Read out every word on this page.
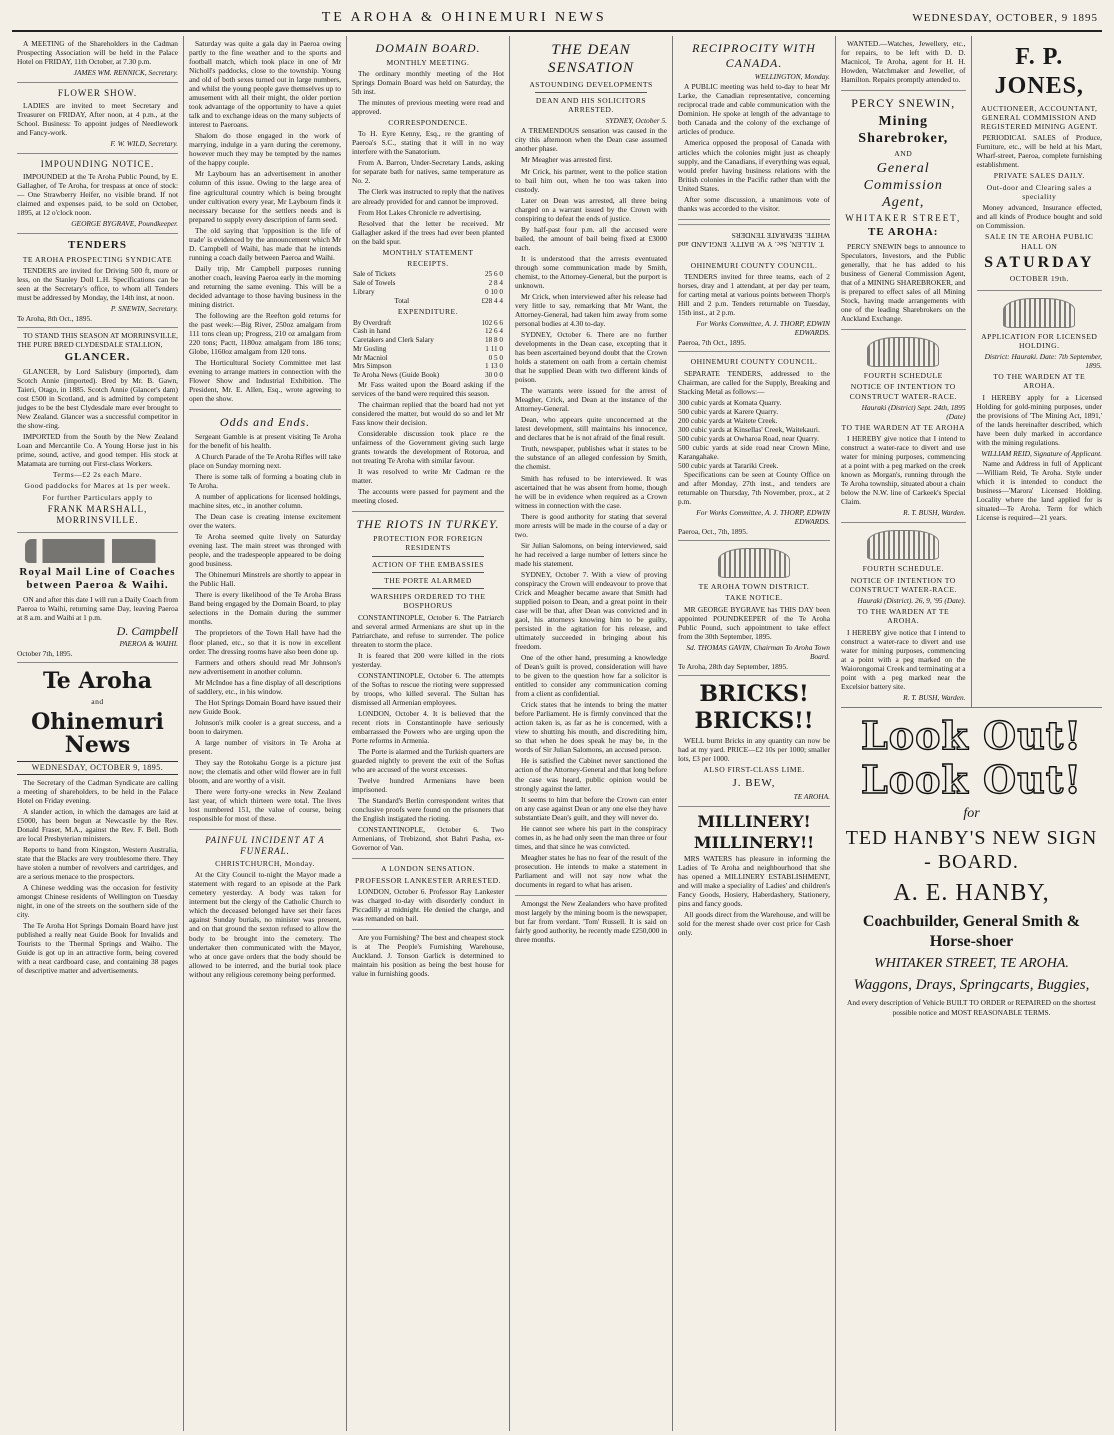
TE AROHA & OHINEMURI NEWS	WEDNESDAY, OCTOBER, 9 1895

A MEETING of the Shareholders in the Cadman Prospecting Association will be held in the Palace Hotel on FRIDAY, 11th October, at 7.30 p.m.

JAMES WM. RENNICK, Secretary.
FLOWER SHOW.

LADIES are invited to meet Secretary and Treasurer on FRIDAY, After noon, at 4 p.m., at the School. Business: To appoint judges of Needlework and Fancy-work.

F. W. WILD, Secretary.
IMPOUNDING NOTICE.

IMPOUNDED at the Te Aroha Public Pound, by E. Gallagher, of Te Aroha, for trespass at once of stock:— One Strawberry Heifer, no visible brand. If not claimed and expenses paid, to be sold on October, 1895, at 12 o'clock noon.

GEORGE BYGRAVE, Poundkeeper.
TENDERS
TE AROHA PROSPECTING SYNDICATE

TENDERS are invited for Driving 500 ft, more or less, on the Stanley Doll L.H. Specifications can be seen at the Secretary's office, to whom all Tenders must be addressed by Monday, the 14th inst, at noon.

P. SNEWIN, Secretary.
Te Aroha, 8th Oct., 1895.

TO STAND THIS SEASON AT MORRINSVILLE, THE PURE BRED CLYDESDALE STALLION,

GLANCER.

GLANCER, by Lord Salisbury (imported), dam Scotch Annie (imported). Bred by Mr. B. Gawn, Taieri, Otago, in 1885. Scotch Annie (Glancer's dam) cost £500 in Scotland, and is admitted by competent judges to be the best Clydesdale mare ever brought to New Zealand. Glancer was a successful competitor in the show-ring.

IMPORTED from the South by the New Zealand Loan and Mercantile Co. A Young Horse just in his prime, sound, active, and good temper. His stock at Matamata are turning out First-class Workers.

Terms—£2 2s each Mare.
Good paddocks for Mares at 1s per week.
For further Particulars apply to
FRANK MARSHALL, MORRINSVILLE.
Royal Mail Line of Coaches between Paeroa & Waihi.

ON and after this date I will run a Daily Coach from Paeroa to Waihi, returning same Day, leaving Paeroa at 8 a.m. and Waihi at 1 p.m.

D. Campbell
PAEROA & WAIHI.
October 7th, 1895.
Te Aroha
and
Ohinemuri News
WEDNESDAY, OCTOBER 9, 1895.

The Secretary of the Cadman Syndicate are calling a meeting of shareholders, to be held in the Palace Hotel on Friday evening.

A slander action, in which the damages are laid at £5000, has been begun at Newcastle by the Rev. Donald Fraser, M.A., against the Rev. F. Bell. Both are local Presbyterian ministers.

Reports to hand from Kingston, Western Australia, state that the Blacks are very troublesome there. They have stolen a number of revolvers and cartridges, and are a serious menace to the prospectors.

A Chinese wedding was the occasion for festivity amongst Chinese residents of Wellington on Tuesday night, in one of the streets on the southern side of the city.

The Te Aroha Hot Springs Domain Board have just published a really neat Guide Book for Invalids and Tourists to the Thermal Springs and Waiho. The Guide is got up in an attractive form, being covered with a neat cardboard case, and containing 38 pages of descriptive matter and advertisements.

Saturday was quite a gala day in Paeroa owing partly to the fine weather and to the sports and football match, which took place in one of Mr Nicholl's paddocks, close to the township. Young and old of both sexes turned out in large numbers, and whilst the young people gave themselves up to amusement with all their might, the older portion took advantage of the opportunity to have a quiet talk and to exchange ideas on the many subjects of interest to Paeroans.

Shalom do those engaged in the work of marrying, indulge in a yarn during the ceremony, however much they may be tempted by the names of the happy couple.

Mr Laybourn has an advertisement in another column of this issue. Owing to the large area of fine agricultural country which is being brought under cultivation every year, Mr Laybourn finds it necessary because for the settlers needs and is prepared to supply every description of farm seed.

The old saying that 'opposition is the life of trade' is evidenced by the announcement which Mr D. Campbell of Waihi, has made that he intends running a coach daily between Paeroa and Waihi.

Daily trip, Mr Campbell purposes running another coach, leaving Paeroa early in the morning and returning the same evening. This will be a decided advantage to those having business in the mining district.

The following are the Reefton gold returns for the past week:—Big River, 250oz amalgam from 111 tons clean up; Progress, 210 oz amalgam from 220 tons; Pactt, 1180oz amalgam from 186 tons; Globe, 1160oz amalgam from 120 tons.

The Horticultural Society Committee met last evening to arrange matters in connection with the Flower Show and Industrial Exhibition. The President, Mr. E. Allen, Esq., wrote agreeing to open the show.

Odds and Ends.

Sergeant Gamble is at present visiting Te Aroha for the benefit of his health.

A Church Parade of the Te Aroha Rifles will take place on Sunday morning next.

There is some talk of forming a boating club in Te Aroha.

A number of applications for licensed holdings, machine sites, etc., in another column.

The Dean case is creating intense excitement over the waters.

Te Aroha seemed quite lively on Saturday evening last. The main street was thronged with people, and the tradespeople appeared to be doing good business.

The Ohinemuri Minstrels are shortly to appear in the Public Hall.

There is every likelihood of the Te Aroha Brass Band being engaged by the Domain Board, to play selections in the Domain during the summer months.

The proprietors of the Town Hall have had the floor planed, etc., so that it is now in excellent order. The dressing rooms have also been done up.

Farmers and others should read Mr Johnson's new advertisement in another column.

Mr McIndoe has a fine display of all descriptions of saddlery, etc., in his window.

The Hot Springs Domain Board have issued their new Guide Book.

Johnson's milk cooler is a great success, and a boon to dairymen.

A large number of visitors in Te Aroha at present.

They say the Rotokahu Gorge is a picture just now; the clematis and other wild flower are in full bloom, and are worthy of a visit.

There were forty-one wrecks in New Zealand last year, of which thirteen were total. The lives lost numbered 151, the value of course, being responsible for most of these.

PAINFUL INCIDENT AT A FUNERAL.
CHRISTCHURCH, Monday.

At the City Council to-night the Mayor made a statement with regard to an episode at the Park cemetery yesterday. A body was taken for interment but the clergy of the Catholic Church to which the deceased belonged have set their faces against Sunday burials, no minister was present, and on that ground the sexton refused to allow the body to be brought into the cemetery. The undertaker then communicated with the Mayor, who at once gave orders that the body should be allowed to be interred, and the burial took place without any religious ceremony being performed.

DOMAIN BOARD.
MONTHLY MEETING.

The ordinary monthly meeting of the Hot Springs Domain Board was held on Saturday, the 5th inst.

The minutes of previous meeting were read and approved.

CORRESPONDENCE.

To H. Eyre Kenny, Esq., re the granting of Paeroa's S.C., stating that it will in no way interfere with the Sanatorium.

From A. Barron, Under-Secretary Lands, asking for separate bath for natives, same temperature as No. 2.

The Clerk was instructed to reply that the natives are already provided for and cannot be improved.

From Hot Lakes Chronicle re advertising.

Resolved that the letter be received. Mr Gallagher asked if the trees had ever been planted on the bald spur.

MONTHLY STATEMENT
RECEIPTS.
Sale of Tickets	25 6 0
Sale of Towels	2 8 4
Library	0 10 0
Total	£28 4 4
EXPENDITURE.
By Overdraft	102 6 6
Cash in hand	12 6 4
Caretakers and Clerk Salary	18 8 0
Mr Gosling	1 11 0
Mr Macniol	0 5 0
Mrs Simpson	1 13 0
Te Aroha News (Guide Book)	30 0 0

Mr Fass waited upon the Board asking if the services of the band were required this season.

The chairman replied that the board had not yet considered the matter, but would do so and let Mr Fass know their decision.

Considerable discussion took place re the unfairness of the Government giving such large grants towards the development of Rotorua, and not treating Te Aroha with similar favour.

It was resolved to write Mr Cadman re the matter.

The accounts were passed for payment and the meeting closed.

THE RIOTS IN TURKEY.
PROTECTION FOR FOREIGN RESIDENTS
ACTION OF THE EMBASSIES
THE PORTE ALARMED
WARSHIPS ORDERED TO THE BOSPHORUS

CONSTANTINOPLE, October 6. The Patriarch and several armed Armenians are shut up in the Patriarchate, and refuse to surrender. The police threaten to storm the place.

It is feared that 200 were killed in the riots yesterday.

CONSTANTINOPLE, October 6. The attempts of the Softas to rescue the rioting were suppressed by troops, who killed several. The Sultan has dismissed all Armenian employees.

LONDON, October 4. It is believed that the recent riots in Constantinople have seriously embarrassed the Powers who are urging upon the Porte reforms in Armenia.

The Porte is alarmed and the Turkish quarters are guarded nightly to prevent the exit of the Softas who are accused of the worst excesses.

Twelve hundred Armenians have been imprisoned.

The Standard's Berlin correspondent writes that conclusive proofs were found on the prisoners that the English instigated the rioting.

CONSTANTINOPLE, October 6. Two Armenians, of Trebizond, shot Bahri Pasha, ex-Governor of Van.

A LONDON SENSATION.
PROFESSOR LANKESTER ARRESTED.

LONDON, October 6. Professor Ray Lankester was charged to-day with disorderly conduct in Piccadilly at midnight. He denied the charge, and was remanded on bail.

Are you Furnishing? The best and cheapest stock is at The People's Furnishing Warehouse, Auckland. J. Tonson Garlick is determined to maintain his position as being the best house for value in furnishing goods.

THE DEAN SENSATION
ASTOUNDING DEVELOPMENTS
DEAN AND HIS SOLICITORS ARRESTED.
SYDNEY, October 5.

A TREMENDOUS sensation was caused in the city this afternoon when the Dean case assumed another phase.

Mr Meagher was arrested first.

Mr Crick, his partner, went to the police station to bail him out, when he too was taken into custody.

Later on Dean was arrested, all three being charged on a warrant issued by the Crown with conspiring to defeat the ends of justice.

By half-past four p.m. all the accused were bailed, the amount of bail being fixed at £3000 each.

It is understood that the arrests eventuated through some communication made by Smith, chemist, to the Attorney-General, but the purport is unknown.

Mr Crick, when interviewed after his release had very little to say, remarking that Mr Want, the Attorney-General, had taken him away from some personal bodies at 4.30 to-day.

SYDNEY, October 6. There are no further developments in the Dean case, excepting that it has been ascertained beyond doubt that the Crown holds a statement on oath from a certain chemist that he supplied Dean with two different kinds of poison.

The warrants were issued for the arrest of Meagher, Crick, and Dean at the instance of the Attorney-General.

Dean, who appears quite unconcerned at the latest development, still maintains his innocence, and declares that he is not afraid of the final result.

Truth, newspaper, publishes what it states to be the substance of an alleged confession by Smith, the chemist.

Smith has refused to be interviewed. It was ascertained that he was absent from home, though he will be in evidence when required as a Crown witness in connection with the case.

There is good authority for stating that several more arrests will be made in the course of a day or two.

Sir Julian Salomons, on being interviewed, said he had received a large number of letters since he made his statement.

SYDNEY, October 7. With a view of proving conspiracy the Crown will endeavour to prove that Crick and Meagher became aware that Smith had supplied poison to Dean, and a great point in their case will be that, after Dean was convicted and in gaol, his attorneys knowing him to be guilty, persisted in the agitation for his release, and ultimately succeeded in bringing about his freedom.

One of the other hand, presuming a knowledge of Dean's guilt is proved, consideration will have to be given to the question how far a solicitor is entitled to consider any communication coming from a client as confidential.

Crick states that he intends to bring the matter before Parliament. He is firmly convinced that the action taken is, as far as he is concerned, with a view to shutting his mouth, and discrediting him, so that when he does speak he may be, in the words of Sir Julian Salomons, an accused person.

He is satisfied the Cabinet never sanctioned the action of the Attorney-General and that long before the case was heard, public opinion would be strongly against the latter.

It seems to him that before the Crown can enter on any case against Dean or any one else they have substantiate Dean's guilt, and they will never do.

He cannot see where his part in the conspiracy comes in, as he had only seen the man three or four times, and that since he was convicted.

Meagher states he has no fear of the result of the prosecution. He intends to make a statement in Parliament and will not say now what the documents in regard to what has arisen.

Amongst the New Zealanders who have profited most largely by the mining boom is the newspaper, but far from verdant. 'Tom' Russell. It is said on fairly good authority, he recently made £250,000 in three months.

RECIPROCITY WITH CANADA.
WELLINGTON, Monday.

A PUBLIC meeting was held to-day to hear Mr Larke, the Canadian representative, concerning reciprocal trade and cable communication with the Dominion. He spoke at length of the advantage to both Canada and the colony of the exchange of articles of produce.

America opposed the proposal of Canada with articles which the colonies might just as cheaply supply, and the Canadians, if everything was equal, would prefer having business relations with the British colonies in the Pacific rather than with the United States.

After some discussion, a unanimous vote of thanks was accorded to the visitor.

T. ALLEN, Sec. Y W. BATTY. ENGLAND and WHITE. SEPARATE TENDERS

OHINEMURI COUNTY COUNCIL.

TENDERS invited for three teams, each of 2 horses, dray and 1 attendant, at per day per team, for carting metal at various points between Thorp's Hill and 2 p.m. Tenders returnable on Tuesday, 15th inst., at 2 p.m.

For Works Committee, A. J. THORP, EDWIN EDWARDS.
Paeroa, 7th Oct., 1895.
OHINEMURI COUNTY COUNCIL.

SEPARATE TENDERS, addressed to the Chairman, are called for the Supply, Breaking and Stacking Metal as follows:—

300 cubic yards at Komata Quarry.
500 cubic yards at Karere Quarry.
200 cubic yards at Waitete Creek.
300 cubic yards at Kinsellas' Creek, Waitekauri.
500 cubic yards at Owharoa Road, near Quarry.
500 cubic yards at side road near Crown Mine, Karangahake.
500 cubic yards at Tarariki Creek.

Specifications can be seen at County Office on and after Monday, 27th inst., and tenders are returnable on Thursday, 7th November, prox., at 2 p.m.

For Works Committee, A. J. THORP, EDWIN EDWARDS.
Paeroa, Oct., 7th, 1895.
TE AROHA TOWN DISTRICT.
TAKE NOTICE.

MR GEORGE BYGRAVE has THIS DAY been appointed POUNDKEEPER of the Te Aroha Public Pound, such appointment to take effect from the 30th September, 1895.

Sd. THOMAS GAVIN, Chairman To Aroha Town Board.
Te Aroha, 28th day September, 1895.
BRICKS!
BRICKS!!

WELL burnt Bricks in any quantity can now be had at my yard. PRICE—£2 10s per 1000; smaller lots, £3 per 1000.

ALSO FIRST-CLASS LIME.
J. BEW,
TE AROHA.
MILLINERY!
MILLINERY!!

MRS WATERS has pleasure in informing the Ladies of Te Aroha and neighbourhood that she has opened a MILLINERY ESTABLISHMENT, and will make a speciality of Ladies' and children's Fancy Goods, Hosiery, Haberdashery, Stationery, pins and fancy goods.

All goods direct from the Warehouse, and will be sold for the merest shade over cost price for Cash only.

WANTED.—Watches, Jewellery, etc., for repairs, to be left with D. D. Macnicol, Te Aroha, agent for H. H. Howden, Watchmaker and Jeweller, of Hamilton. Repairs promptly attended to.

PERCY SNEWIN,
Mining Sharebroker,
AND
General Commission Agent,
WHITAKER STREET,
TE AROHA:

PERCY SNEWIN begs to announce to Speculators, Investors, and the Public generally, that he has added to his business of General Commission Agent, that of a MINING SHAREBROKER, and is prepared to effect sales of all Mining Stock, having made arrangements with one of the leading Sharebrokers on the Auckland Exchange.

FOURTH SCHEDULE
NOTICE OF INTENTION TO CONSTRUCT WATER-RACE.
Hauraki (District) Sept. 24th, 1895 (Date)
TO THE WARDEN AT TE AROHA

I HEREBY give notice that I intend to construct a water-race to divert and use water for mining purposes, commencing at a point with a peg marked on the creek known as Morgan's, running through the Te Aroha township, situated about a chain below the N.W. line of Carkeek's Special Claim.

R. T. BUSH, Warden.
FOURTH SCHEDULE.
NOTICE OF INTENTION TO CONSTRUCT WATER-RACE.
Hauraki (District). 26, 9, '95 (Date).
TO THE WARDEN AT TE AROHA.

I HEREBY give notice that I intend to construct a water-race to divert and use water for mining purposes, commencing at a point with a peg marked on the Waiorongomai Creek and terminating at a point with a peg marked near the Excelsior battery site.

R. T. BUSH, Warden.
F. P. JONES,
AUCTIONEER, ACCOUNTANT, GENERAL COMMISSION AND REGISTERED MINING AGENT.

PERIODICAL SALES of Produce, Furniture, etc., will be held at his Mart, Wharf-street, Paeroa, complete furnishing establishment.

PRIVATE SALES DAILY.
Out-door and Clearing sales a speciality

Money advanced, Insurance effected, and all kinds of Produce bought and sold on Commission.

SALE IN TE AROHA PUBLIC HALL ON
SATURDAY
OCTOBER 19th.
APPLICATION FOR LICENSED HOLDING.
District: Hauraki. Date: 7th September, 1895.
TO THE WARDEN AT TE AROHA.

I HEREBY apply for a Licensed Holding for gold-mining purposes, under the provisions of 'The Mining Act, 1891,' of the lands hereinafter described, which have been duly marked in accordance with the mining regulations.

WILLIAM REID, Signature of Applicant.

Name and Address in full of Applicant—William Reid, Te Aroha. Style under which it is intended to conduct the business—'Marora' Licensed Holding. Locality where the land applied for is situated—Te Aroha. Term for which License is required—21 years.

Look Out!
Look Out!
for
TED HANBY'S NEW SIGN - BOARD.
A. E. HANBY,
Coachbuilder, General Smith & Horse-shoer
WHITAKER STREET, TE AROHA.
Waggons, Drays, Springcarts, Buggies,

And every description of Vehicle BUILT TO ORDER or REPAIRED on the shortest possible notice and MOST REASONABLE TERMS.
